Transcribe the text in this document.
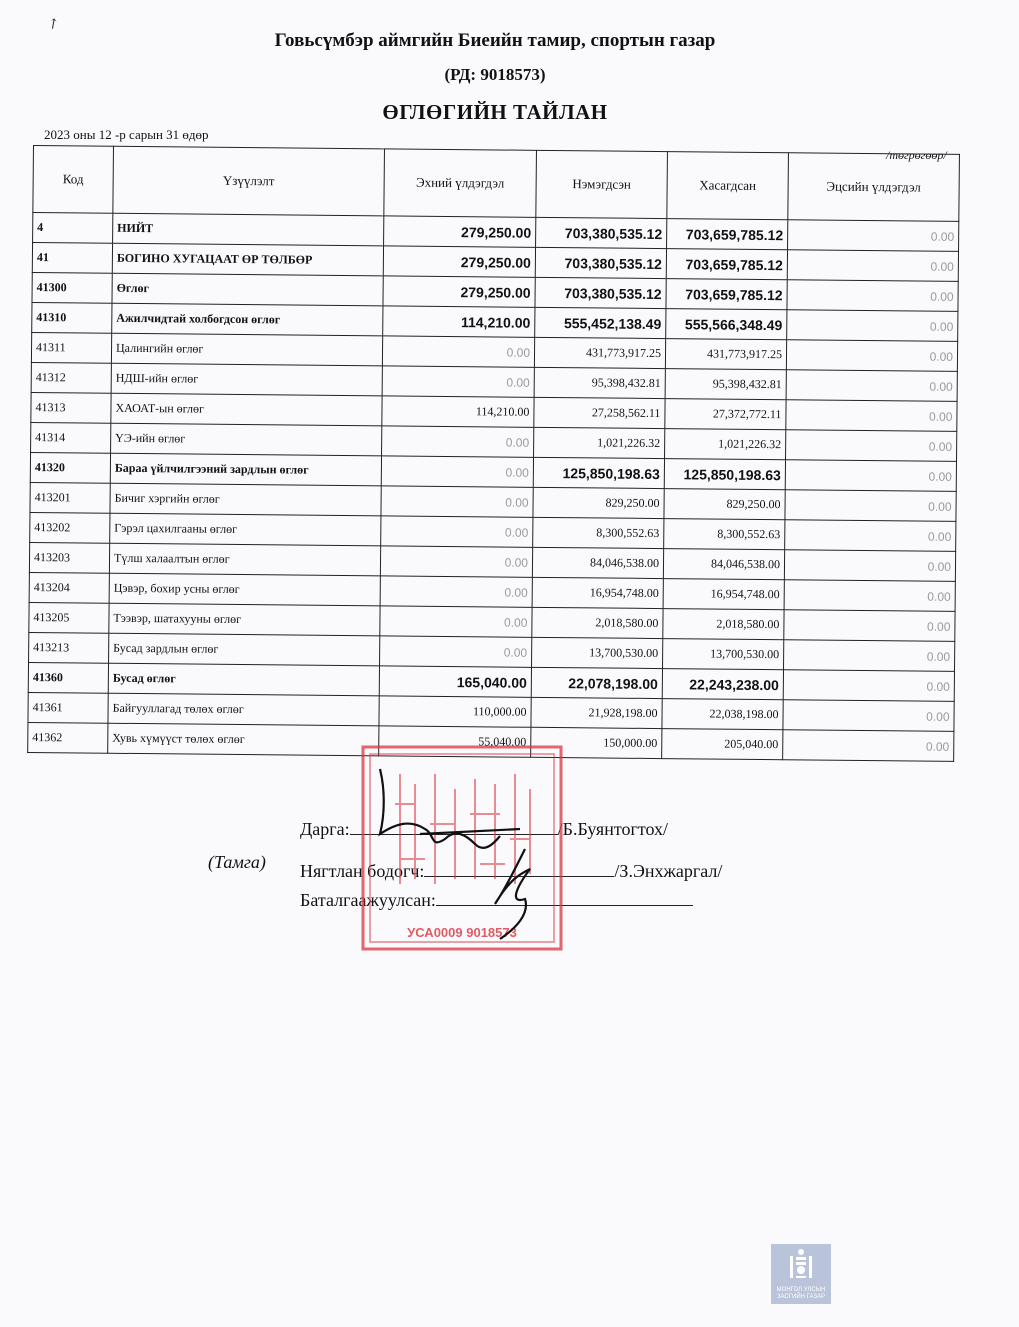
↗
Говьсүмбэр аймгийн Биеийн тамир, спортын газар
(РД: 9018573)
ӨГЛӨГИЙН ТАЙЛАН
2023 оны 12 -р сарын 31 өдөр
/төгрөгөөр/
Код	Үзүүлэлт	Эхний үлдэгдэл	Нэмэгдсэн	Хасагдсан	Эцсийн үлдэгдэл
4	НИЙТ	279,250.00	703,380,535.12	703,659,785.12	0.00
41	БОГИНО ХУГАЦААТ ӨР ТӨЛБӨР	279,250.00	703,380,535.12	703,659,785.12	0.00
41300	Өглөг	279,250.00	703,380,535.12	703,659,785.12	0.00
41310	Ажилчидтай холбогдсон өглөг	114,210.00	555,452,138.49	555,566,348.49	0.00
41311	Цалингийн өглөг	0.00	431,773,917.25	431,773,917.25	0.00
41312	НДШ-ийн өглөг	0.00	95,398,432.81	95,398,432.81	0.00
41313	ХАОАТ-ын өглөг	114,210.00	27,258,562.11	27,372,772.11	0.00
41314	ҮЭ-ийн өглөг	0.00	1,021,226.32	1,021,226.32	0.00
41320	Бараа үйлчилгээний зардлын өглөг	0.00	125,850,198.63	125,850,198.63	0.00
413201	Бичиг хэргийн өглөг	0.00	829,250.00	829,250.00	0.00
413202	Гэрэл цахилгааны өглөг	0.00	8,300,552.63	8,300,552.63	0.00
413203	Түлш халаалтын өглөг	0.00	84,046,538.00	84,046,538.00	0.00
413204	Цэвэр, бохир усны өглөг	0.00	16,954,748.00	16,954,748.00	0.00
413205	Тээвэр, шатахууны өглөг	0.00	2,018,580.00	2,018,580.00	0.00
413213	Бусад зардлын өглөг	0.00	13,700,530.00	13,700,530.00	0.00
41360	Бусад өглөг	165,040.00	22,078,198.00	22,243,238.00	0.00
41361	Байгууллагад төлөх өглөг	110,000.00	21,928,198.00	22,038,198.00	0.00
41362	Хувь хүмүүст төлөх өглөг	55,040.00	150,000.00	205,040.00	0.00
(Тамга)
Дарга:	/Б.Буянтогтох/
Нягтлан бодогч:	/З.Энхжаргал/
Баталгаажуулсан:
УСА0009 9018573
МОНГОЛ УЛСЫН
ЗАСГИЙН ГАЗАР
